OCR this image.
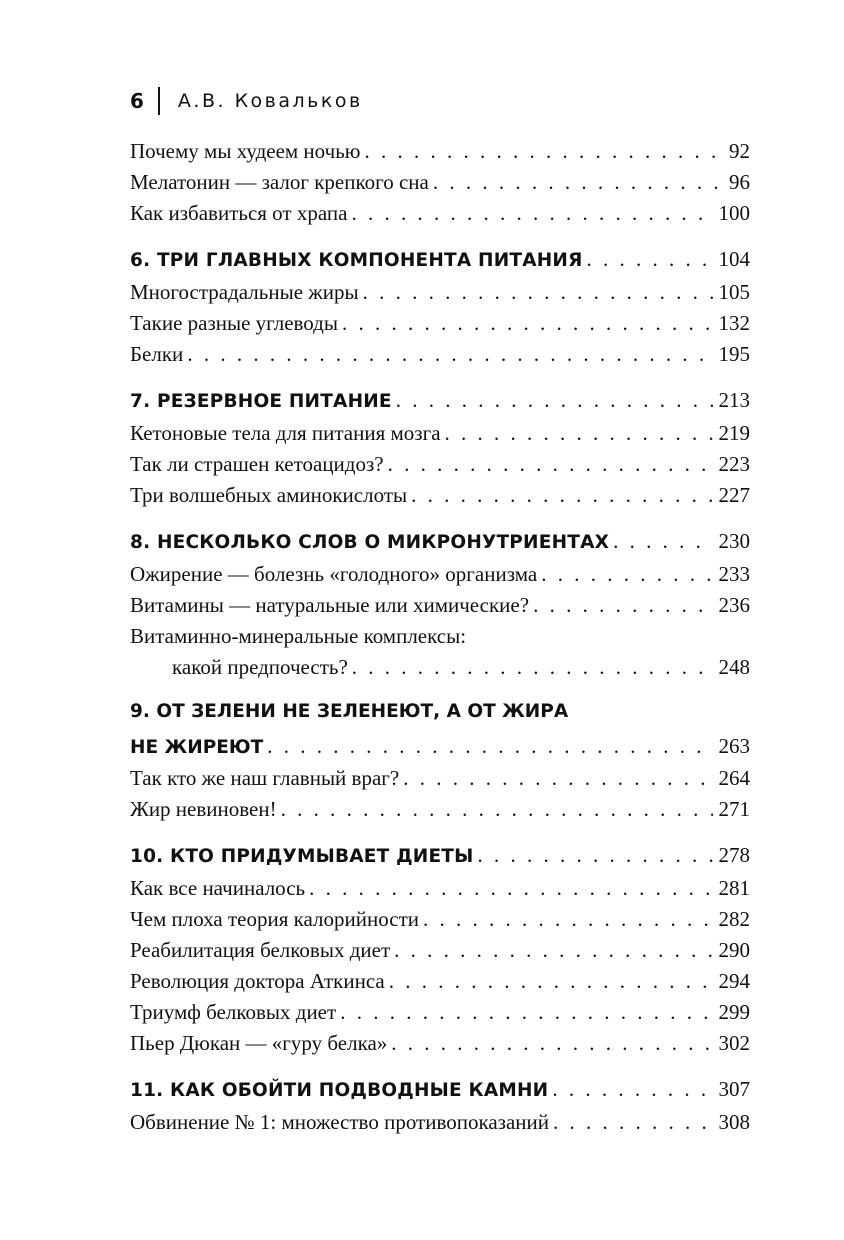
6 А.В. Ковальков
Почему мы худеем ночью . . .	92
Мелатонин — залог крепкого сна . . .	96
Как избавиться от храпа . . .	100
6. ТРИ ГЛАВНЫХ КОМПОНЕНТА ПИТАНИЯ . . .	104
Многострадальные жиры . . .	105
Такие разные углеводы . . .	132
Белки . . .	195
7. РЕЗЕРВНОЕ ПИТАНИЕ . . .	213
Кетоновые тела для питания мозга . . .	219
Так ли страшен кетоацидоз? . . .	223
Три волшебных аминокислоты . . .	227
8. НЕСКОЛЬКО СЛОВ О МИКРОНУТРИЕНТАХ . . .	230
Ожирение — болезнь «голодного» организма . . .	233
Витамины — натуральные или химические? . . .	236
Витаминно-минеральные комплексы:
какой предпочесть? . . .	248
9. ОТ ЗЕЛЕНИ НЕ ЗЕЛЕНЕЮТ, А ОТ ЖИРА
НЕ ЖИРЕЮТ . . .	263
Так кто же наш главный враг? . . .	264
Жир невиновен! . . .	271
10. КТО ПРИДУМЫВАЕТ ДИЕТЫ . . .	278
Как все начиналось . . .	281
Чем плоха теория калорийности . . .	282
Реабилитация белковых диет . . .	290
Революция доктора Аткинса . . .	294
Триумф белковых диет . . .	299
Пьер Дюкан — «гуру белка» . . .	302
11. КАК ОБОЙТИ ПОДВОДНЫЕ КАМНИ . . .	307
Обвинение № 1: множество противопоказаний . . .	308
